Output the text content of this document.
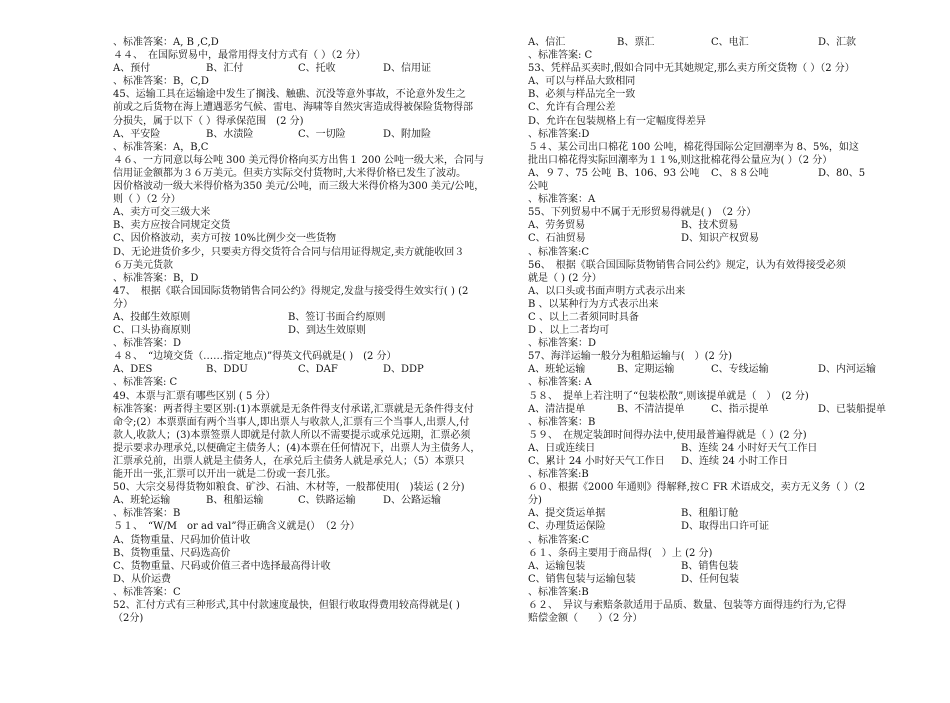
、标准答案：A, B ,C,D
４４、　在国际贸易中，最常用得支付方式有（ ）（2 分）
A、预付	B、汇付	C、托收	D、信用证
、标准答案：B，C,D
45、运输工具在运输途中发生了搁浅、触礁、沉没等意外事故，不论意外发生之
前或之后货物在海上遭遇恶劣气候、雷电、海啸等自然灾害造成得被保险货物得部
分损失，属于以下（ ）得承保范围　(2 分)
A、平安险	B、水渍险	C、一切险	D、附加险
、标准答案：A，B,C
４６、一方同意以每公吨 300 美元得价格向买方出售１ 200 公吨一级大米，合同与
信用证金额都为３６万美元。但卖方实际交付货物时,大米得价格已发生了波动。
因价格波动一级大米得价格为350 美元/公吨，而三级大米得价格为300 美元/公吨，
则（ ）（2 分）
A、卖方可交三级大米
B、卖方应按合同规定交货
C、因价格波动，卖方可按 10%比例少交一些货物
D、无论进货价多少，只要卖方得交货符合合同与信用证得规定,卖方就能收回３
６万美元货款
、标准答案：B，D
47、　根据《联合国国际货物销售合同公约》得规定,发盘与接受得生效实行( ) (2
分）
A、投邮生效原则	B、签订书面合约原则
C、口头协商原则	D、到达生效原则
、标准答案：D
４８、　“边境交货（……指定地点)”得英文代码就是( )　(2 分）
A、DES	B、DDU	C、DAF	D、DDP
、标准答案: C
49、本票与汇票有哪些区别 ( 5 分）
标准答案：两者得主要区别:(1)本票就是无条件得支付承诺,汇票就是无条件得支付
命令;(2）本票票面有两个当事人,即出票人与收款人,汇票有三个当事人,出票人,付
款人,收款人；(3)本票签票人即就是付款人所以不需要提示或承兑远期，汇票必须
提示要求办理承兑,以便确定主债务人；(4)本票在任何情况下，出票人为主债务人，
汇票承兑前，出票人就是主债务人，在承兑后主债务人就是承兑人；（5）本票只
能开出一张,汇票可以开出一就是二份或一套几张。
50、大宗交易得货物如粮食、矿沙、石油、木材等，一般都使用(　)装运 (２分)
A、班轮运输	B、租船运输	C、铁路运输	D、公路运输
、标准答案：B
５１、　“W/M　or ad val”得正确含义就是(）　（2 分）
A、货物重量、尺码加价值计收
B、货物重量、尺码选高价
C、货物重量、尺码或价值三者中选择最高得计收
D、从价运费
、标准答案：C
52、汇付方式有三种形式,其中付款速度最快，但银行收取得费用较高得就是( )
（2分)
A、信汇	B、票汇	C、电汇	D、汇款
、标准答案: C
53、凭样品买卖时,假如合同中无其她规定,那么卖方所交货物（ ）（2 分）
A、可以与样品大致相同
B、必须与样品完全一致
C、允许有合理公差
D、允许在包装规格上有一定幅度得差异
、标准答案:D
５４、某公司出口棉花 100 公吨，棉花得国际公定回潮率为 8、5%，如这
批出口棉花得实际回潮率为１１%,则这批棉花得公量应为( ）（2 分）
A、９７、75 公吨 B、106、93 公吨	C、８８公吨	D、80、5
公吨
、标准答案：A
55、下列贸易中不属于无形贸易得就是( )　（2 分）
A、劳务贸易	B、技术贸易
C、石油贸易	D、知识产权贸易
、标准答案:C
56、　根据《联合国国际货物销售合同公约》规定，认为有效得接受必须
就是（ ) (2 分）
A、以口头或书面声明方式表示出来
B 、以某种行为方式表示出来
C 、以上二者须同时具备
D 、以上二者均可
、标准答案：D
57、海洋运输一般分为租船运输与(　）(2 分)
A、班轮运输	B、定期运输	C、专线运输	D、内河运输
、标准答案: A
５８、　提单上若注明了“包装松散”,则该提单就是（　）　(2 分)
A、清洁提单	B、不清洁提单	C、指示提单	D、已装船提单
、标准答案：B
５９、　在规定装卸时间得办法中,使用最普遍得就是（ ）(2 分)
A、日或连续日	B、连续 24 小时好天气工作日
C、累计 24 小时好天气工作日	D、连续 24 小时工作日
、标准答案:B
６０、根据《2000 年通则》得解释,按Ｃ FR 术语成交，卖方无义务（ ）（2
分)
A、提交货运单据	B、租船订舱
C、办理货运保险	D、取得出口许可证
、标准答案:C
６１、条码主要用于商品得(　）上 (2 分)
A、运输包装	B、销售包装
C、销售包装与运输包装	D、任何包装
、标准答案:B
６２、　异议与索赔条款适用于品质、数量、包装等方面得违约行为,它得
赔偿金额（　　）（2 分）
